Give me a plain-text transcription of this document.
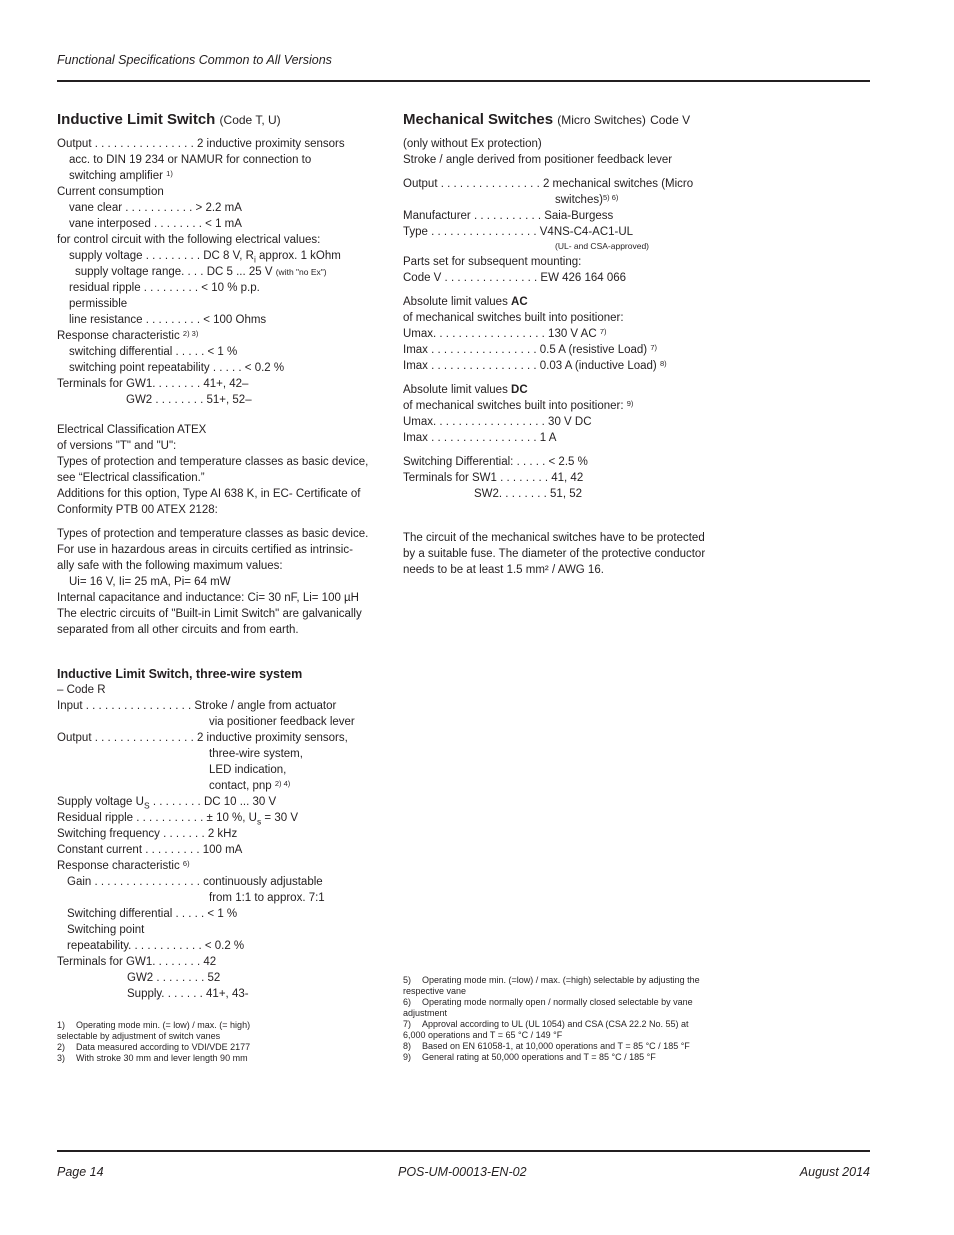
Functional Specifications Common to All Versions
Inductive Limit Switch (Code T, U)
Output . . . . . . . . . . . . . . . . 2 inductive proximity sensors
acc. to DIN 19 234 or NAMUR for connection to
switching amplifier $^{1)}$
Current consumption
vane clear . . . . . . . . . . . > 2.2 mA
vane interposed . . . . . . . . < 1 mA
for control circuit with the following electrical values:
supply voltage . . . . . . . . . DC 8 V, $R_i$ approx. 1 kOhm
supply voltage range. . . . DC 5 ... 25 V (with "no Ex")
residual ripple . . . . . . . . . < 10 % p.p.
permissible
line resistance . . . . . . . . . < 100 Ohms
Response characteristic $^{2) 3)}$
switching differential . . . . . < 1 %
switching point repeatability . . . . . < 0.2 %
Terminals for GW1. . . . . . . . 41+, 42–
GW2 . . . . . . . . 51+, 52–
Electrical Classification ATEX
of versions "T" and "U":
Types of protection and temperature classes as basic device,
see “Electrical classification.”
Additions for this option, Type AI 638 K, in EC- Certificate of
Conformity PTB 00 ATEX 2128:
Types of protection and temperature classes as basic device.
For use in hazardous areas in circuits certified as intrinsic-
ally safe with the following maximum values:
Ui= 16 V, Ii= 25 mA, Pi= 64 mW
Internal capacitance and inductance: Ci= 30 nF, Li= 100 µH
The electric circuits of "Built-in Limit Switch" are galvanically
separated from all other circuits and from earth.
Inductive Limit Switch, three-wire system
– Code R
Input . . . . . . . . . . . . . . . . . Stroke / angle from actuator
via positioner feedback lever
Output . . . . . . . . . . . . . . . . 2 inductive proximity sensors,
three-wire system,
LED indication,
contact, pnp $^{2) 4)}$
Supply voltage $U_S$ . . . . . . . . DC 10 ... 30 V
Residual ripple . . . . . . . . . . . ± 10 %, $U_s = 30$ V
Switching frequency . . . . . . . 2 kHz
Constant current . . . . . . . . . 100 mA
Response characteristic $^{6)}$
Gain . . . . . . . . . . . . . . . . . continuously adjustable
from 1:1 to approx. 7:1
Switching differential . . . . . < 1 %
Switching point
repeatability. . . . . . . . . . . . < 0.2 %
Terminals for GW1. . . . . . . . 42
GW2 . . . . . . . . 52
Supply. . . . . . . 41+, 43-
1) Operating mode min. (= low) / max. (= high)
selectable by adjustment of switch vanes
2) Data measured according to VDI/VDE 2177
3) With stroke 30 mm and lever length 90 mm
Mechanical Switches (Micro Switches) Code V
(only without Ex protection)
Stroke / angle derived from positioner feedback lever
Output . . . . . . . . . . . . . . . . 2 mechanical switches (Micro
switches)$^{5) 6)}$
Manufacturer . . . . . . . . . . . Saia-Burgess
Type . . . . . . . . . . . . . . . . . V4NS-C4-AC1-UL
(UL- and CSA-approved)
Parts set for subsequent mounting:
Code V . . . . . . . . . . . . . . . EW 426 164 066
Absolute limit values AC
of mechanical switches built into positioner:
Umax. . . . . . . . . . . . . . . . . . 130 V AC $^{7)}$
Imax . . . . . . . . . . . . . . . . . 0.5 A (resistive Load) $^{7)}$
Imax . . . . . . . . . . . . . . . . . 0.03 A (inductive Load) $^{8)}$
Absolute limit values DC
of mechanical switches built into positioner: $^{9)}$
Umax. . . . . . . . . . . . . . . . . . 30 V DC
Imax . . . . . . . . . . . . . . . . . 1 A
Switching Differential: . . . . . < 2.5 %
Terminals for SW1 . . . . . . . . 41, 42
SW2. . . . . . . . 51, 52
The circuit of the mechanical switches have to be protected
by a suitable fuse. The diameter of the protective conductor
needs to be at least 1.5 mm² / AWG 16.
5) Operating mode min. (=low) / max. (=high) selectable by adjusting the
respective vane
6) Operating mode normally open / normally closed selectable by vane
adjustment
7) Approval according to UL (UL 1054) and CSA (CSA 22.2 No. 55) at
6,000 operations and T = 65 °C / 149 °F
8) Based on EN 61058-1, at 10,000 operations and T = 85 °C / 185 °F
9) General rating at 50,000 operations and T = 85 °C / 185 °F
Page 14	POS-UM-00013-EN-02	August 2014
